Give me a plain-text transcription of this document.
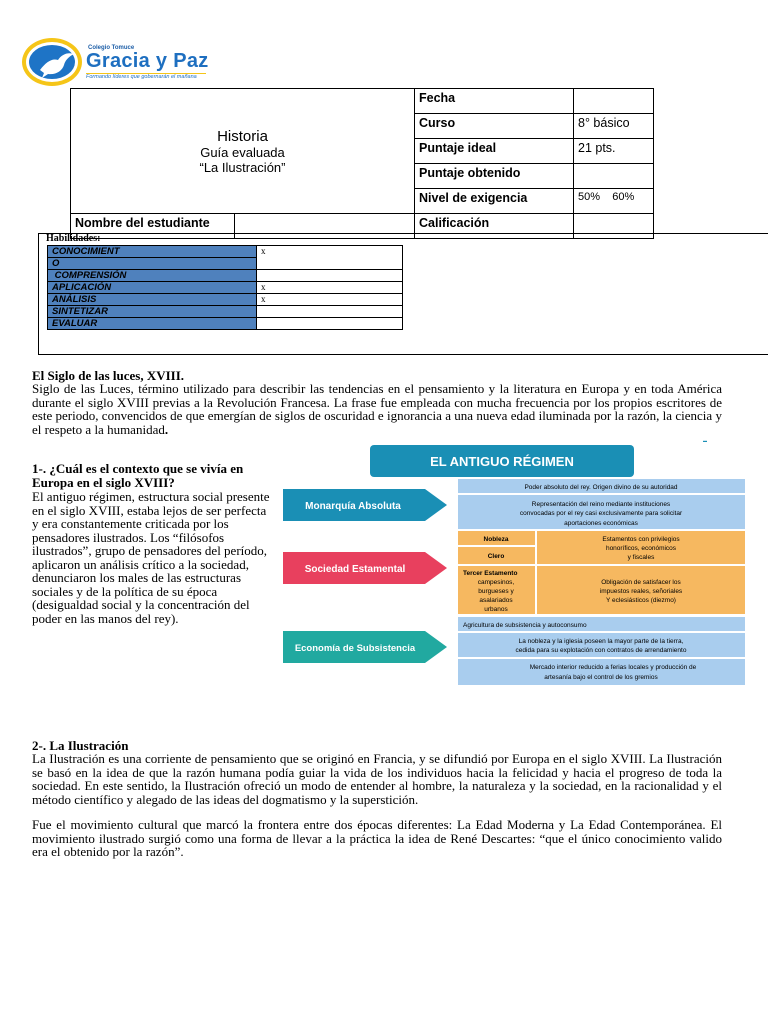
Colegio Tomuce
Gracia y Paz
Formando líderes que gobernarán el mañana
Historia
Guía evaluada
“La Ilustración”		Fecha	
		Curso	8° básico
		Puntaje ideal	21 pts.
		Puntaje obtenido	
		Nivel de exigencia	50%    60%
Nombre del estudiante		Calificación	
Habilidades:
CONOCIMIENT	x
O	
COMPRENSIÓN	
APLICACIÓN	x
ANÁLISIS	x
SINTETIZAR	
EVALUAR	
El Siglo de las luces, XVIII.
Siglo de las Luces, término utilizado para describir las tendencias en el pensamiento y la literatura en Europa y en toda América durante el siglo XVIII previas a la Revolución Francesa. La frase fue empleada con mucha frecuencia por los propios escritores de este periodo, convencidos de que emergían de siglos de oscuridad e ignorancia a una nueva edad iluminada por la razón, la ciencia y el respeto a la humanidad.
1-. ¿Cuál es el contexto que se vivía en Europa en el siglo XVIII?
El antiguo régimen, estructura social presente en el siglo XVIII, estaba lejos de ser perfecta y era constantemente criticada por los pensadores ilustrados. Los “filósofos ilustrados”, grupo de pensadores del período, aplicaron un análisis crítico a la sociedad, denunciaron los males de las estructuras sociales y de la política de su época (desigualdad social y la concentración del poder en las manos del rey).
EL ANTIGUO RÉGIMEN
▬
Monarquía Absoluta
Sociedad Estamental
Economía de Subsistencia
Poder absoluto del rey. Origen divino de su autoridad
Representación del reino mediante instituciones
convocadas por el rey casi exclusivamente para solicitar
aportaciones económicas
Nobleza
Clero
Estamentos con privilegios
honoríficos, económicos
y fiscales
Tercer Estamento
campesinos,
burgueses y
asalariados
urbanos
Obligación de satisfacer los
impuestos reales, señoriales
Y eclesiásticos (diezmo)
Agricultura de subsistencia y autoconsumo
La nobleza y la iglesia poseen la mayor parte de la tierra,
cedida para su explotación con contratos de arrendamiento
Mercado interior reducido a ferias locales y producción de
artesanía bajo el control de los gremios
2-. La Ilustración
La Ilustración es una corriente de pensamiento que se originó en Francia, y se difundió por Europa en el siglo XVIII. La Ilustración se basó en la idea de que la razón humana podía guiar la vida de los individuos hacia la felicidad y hacia el progreso de toda la sociedad. En este sentido, la Ilustración ofreció un modo de entender al hombre, la naturaleza y la sociedad, en la racionalidad y el método científico y alegado de las ideas del dogmatismo y la superstición.
Fue el movimiento cultural que marcó la frontera entre dos épocas diferentes: La Edad Moderna y La Edad Contemporánea. El movimiento ilustrado surgió como una forma de llevar a la práctica la idea de René Descartes: “que el único conocimiento valido era el obtenido por la razón”.
